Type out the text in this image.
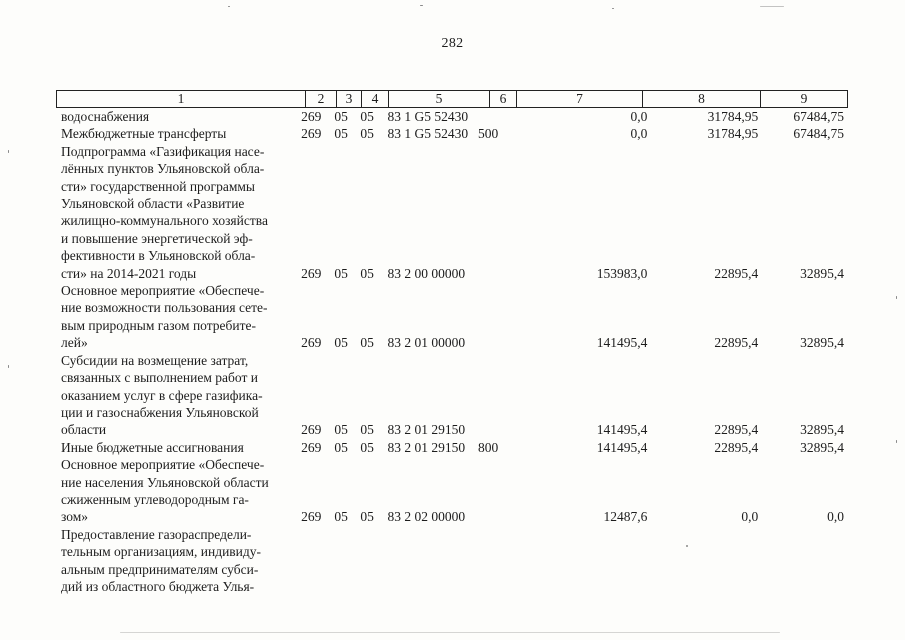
282
1	2	3	4	5	6	7	8	9
водоснабжения	269 05 05	83 1 G5 52430	0,0	31784,95	67484,75
Межбюджетные трансферты	269 05 05	83 1 G5 52430 500	0,0	31784,95	67484,75
Подпрограмма «Газификация насе-
лённых пунктов Ульяновской обла-
сти» государственной программы
Ульяновской области «Развитие
жилищно-коммунального хозяйства
и повышение энергетической эф-
фективности в Ульяновской обла-
сти» на 2014-2021 годы	269 05 05	83 2 00 00000	153983,0	22895,4	32895,4
Основное мероприятие «Обеспече-
ние возможности пользования сете-
вым природным газом потребите-
лей»	269 05 05	83 2 01 00000	141495,4	22895,4	32895,4
Субсидии на возмещение затрат,
связанных с выполнением работ и
оказанием услуг в сфере газифика-
ции и газоснабжения Ульяновской
области	269 05 05	83 2 01 29150	141495,4	22895,4	32895,4
Иные бюджетные ассигнования	269 05 05	83 2 01 29150 800	141495,4	22895,4	32895,4
Основное мероприятие «Обеспече-
ние населения Ульяновской области
сжиженным углеводородным га-
зом»	269 05 05	83 2 02 00000	12487,6	0,0	0,0
Предоставление газораспредели-
тельным организациям, индивиду-
альным предпринимателям субси-
дий из областного бюджета Улья-
